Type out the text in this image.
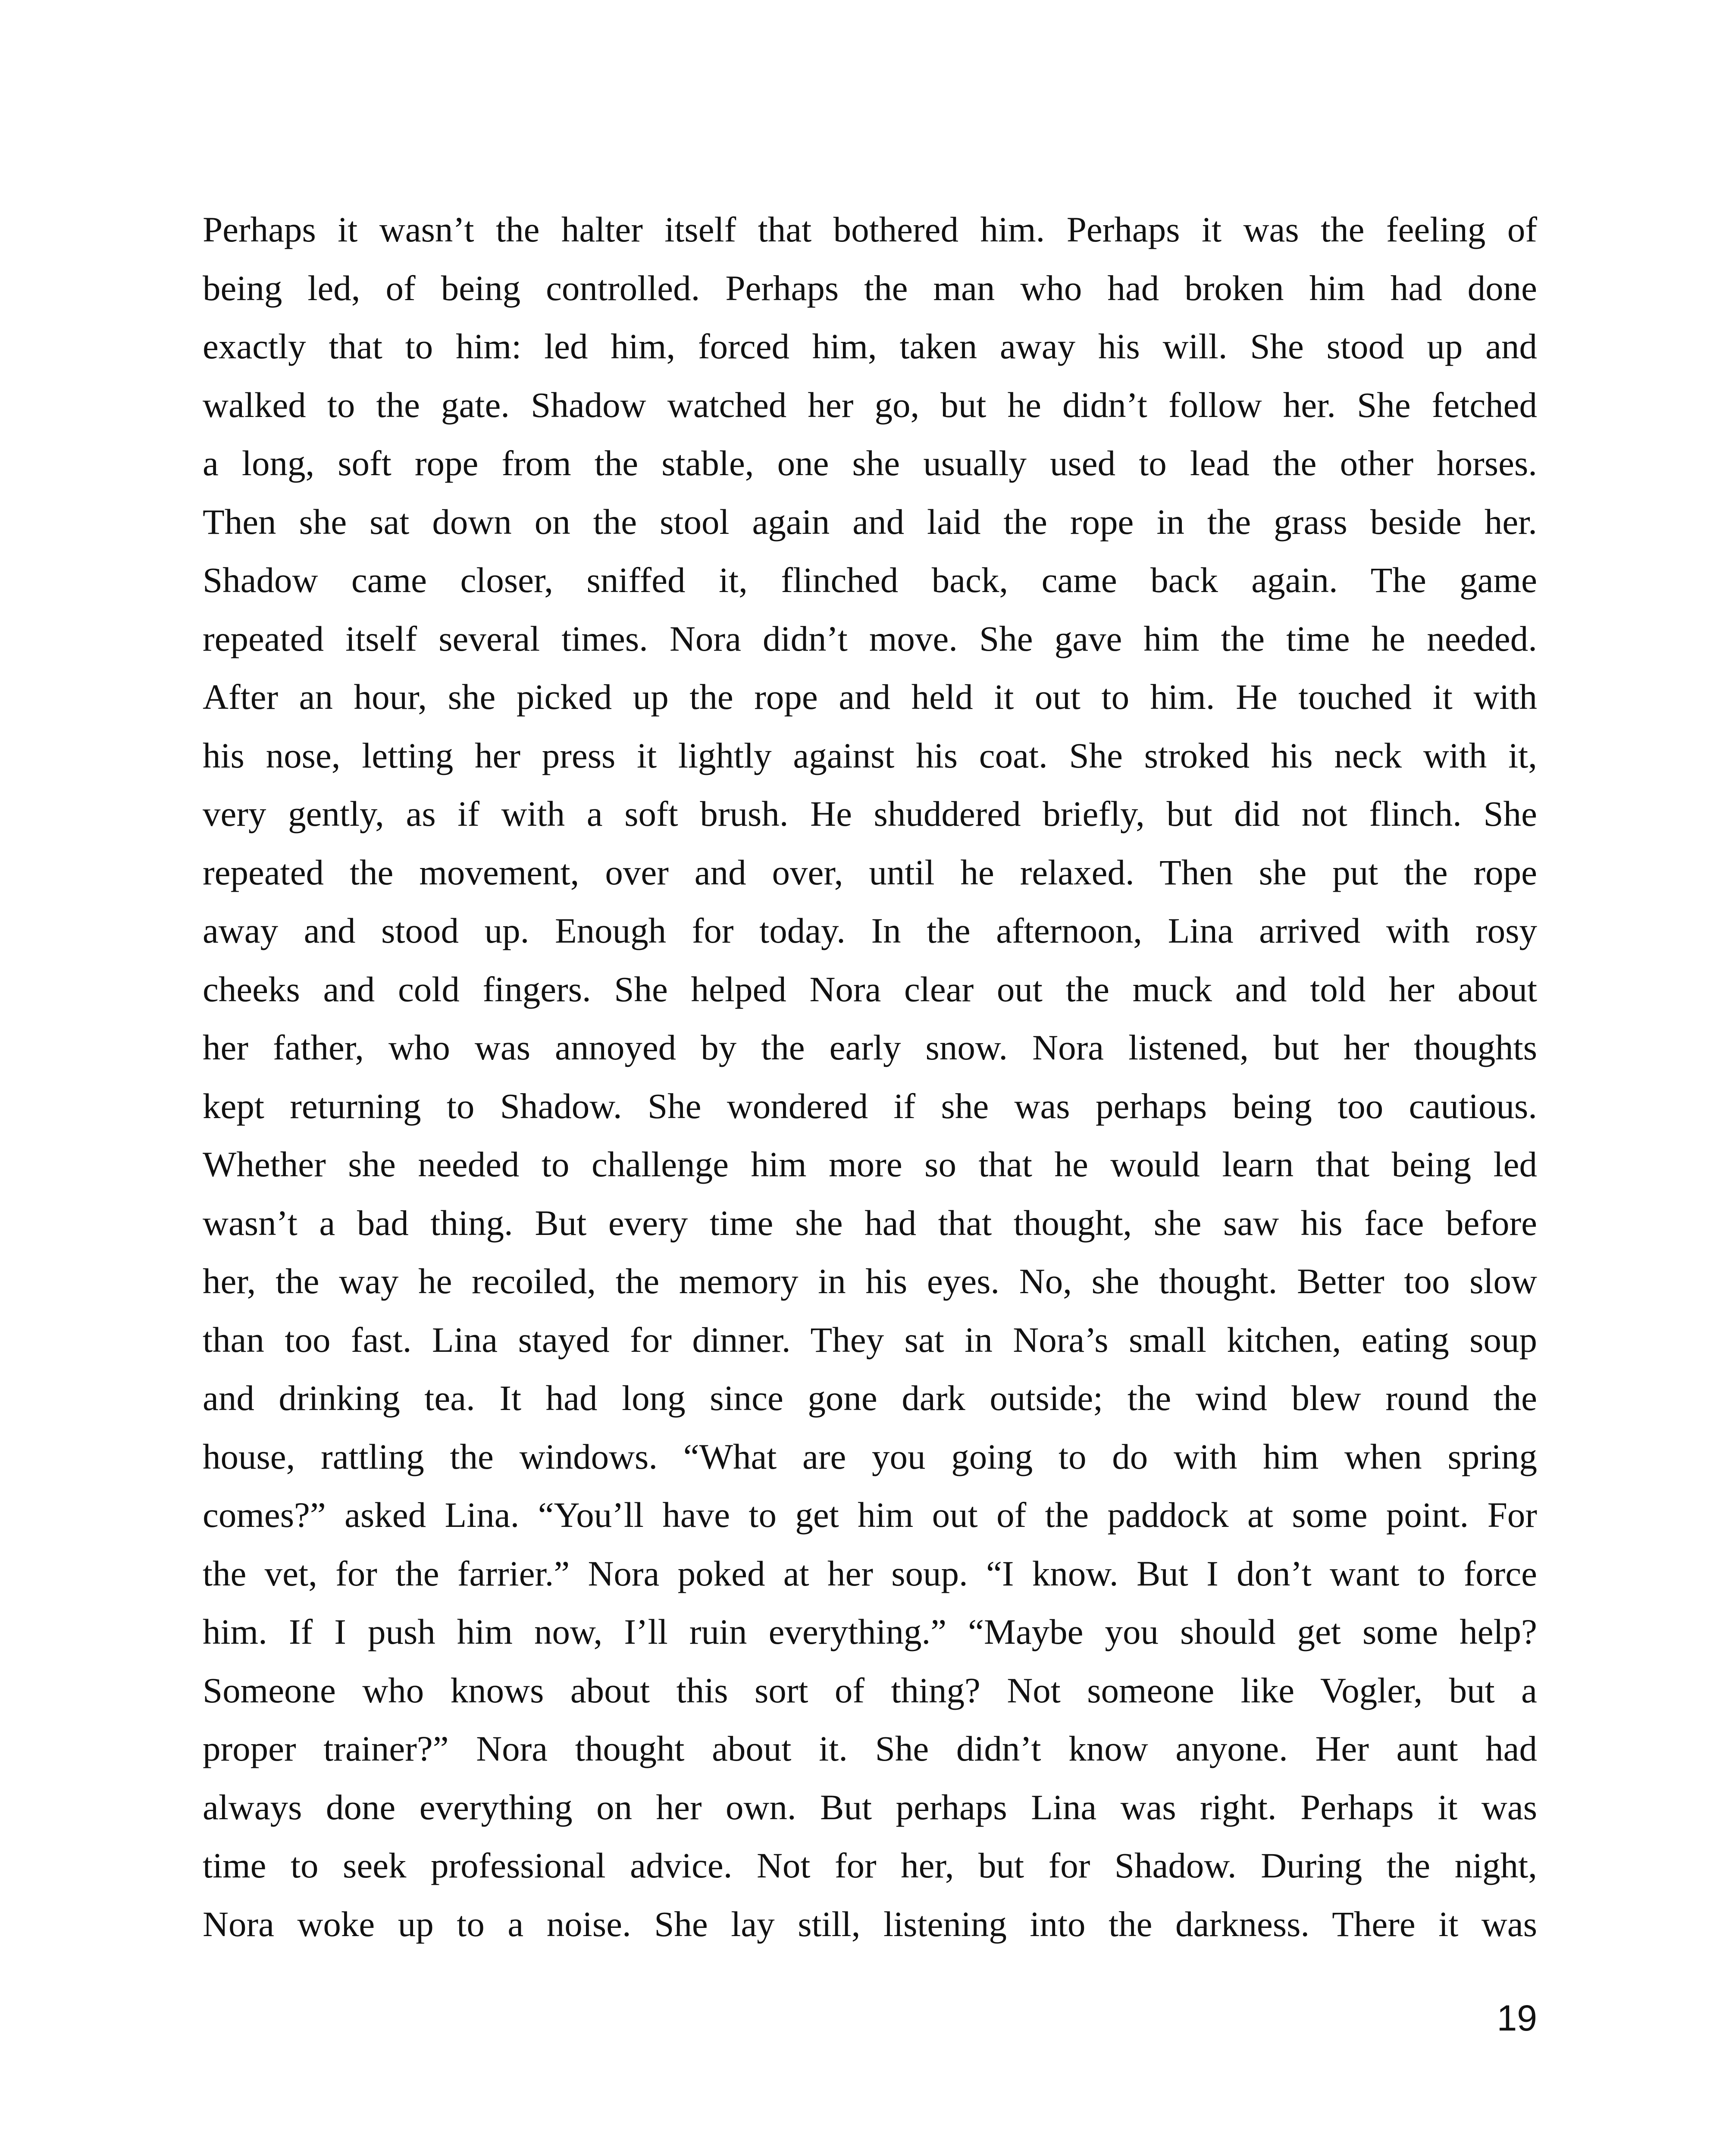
Perhaps it wasn’t the halter itself that bothered him. Perhaps it was the feeling of
being led, of being controlled. Perhaps the man who had broken him had done
exactly that to him: led him, forced him, taken away his will. She stood up and
walked to the gate. Shadow watched her go, but he didn’t follow her. She fetched
a long, soft rope from the stable, one she usually used to lead the other horses.
Then she sat down on the stool again and laid the rope in the grass beside her.
Shadow came closer, sniffed it, flinched back, came back again. The game
repeated itself several times. Nora didn’t move. She gave him the time he needed.
After an hour, she picked up the rope and held it out to him. He touched it with
his nose, letting her press it lightly against his coat. She stroked his neck with it,
very gently, as if with a soft brush. He shuddered briefly, but did not flinch. She
repeated the movement, over and over, until he relaxed. Then she put the rope
away and stood up. Enough for today. In the afternoon, Lina arrived with rosy
cheeks and cold fingers. She helped Nora clear out the muck and told her about
her father, who was annoyed by the early snow. Nora listened, but her thoughts
kept returning to Shadow. She wondered if she was perhaps being too cautious.
Whether she needed to challenge him more so that he would learn that being led
wasn’t a bad thing. But every time she had that thought, she saw his face before
her, the way he recoiled, the memory in his eyes. No, she thought. Better too slow
than too fast. Lina stayed for dinner. They sat in Nora’s small kitchen, eating soup
and drinking tea. It had long since gone dark outside; the wind blew round the
house, rattling the windows. “What are you going to do with him when spring
comes?” asked Lina. “You’ll have to get him out of the paddock at some point. For
the vet, for the farrier.” Nora poked at her soup. “I know. But I don’t want to force
him. If I push him now, I’ll ruin everything.” “Maybe you should get some help?
Someone who knows about this sort of thing? Not someone like Vogler, but a
proper trainer?” Nora thought about it. She didn’t know anyone. Her aunt had
always done everything on her own. But perhaps Lina was right. Perhaps it was
time to seek professional advice. Not for her, but for Shadow. During the night,
Nora woke up to a noise. She lay still, listening into the darkness. There it was
19
